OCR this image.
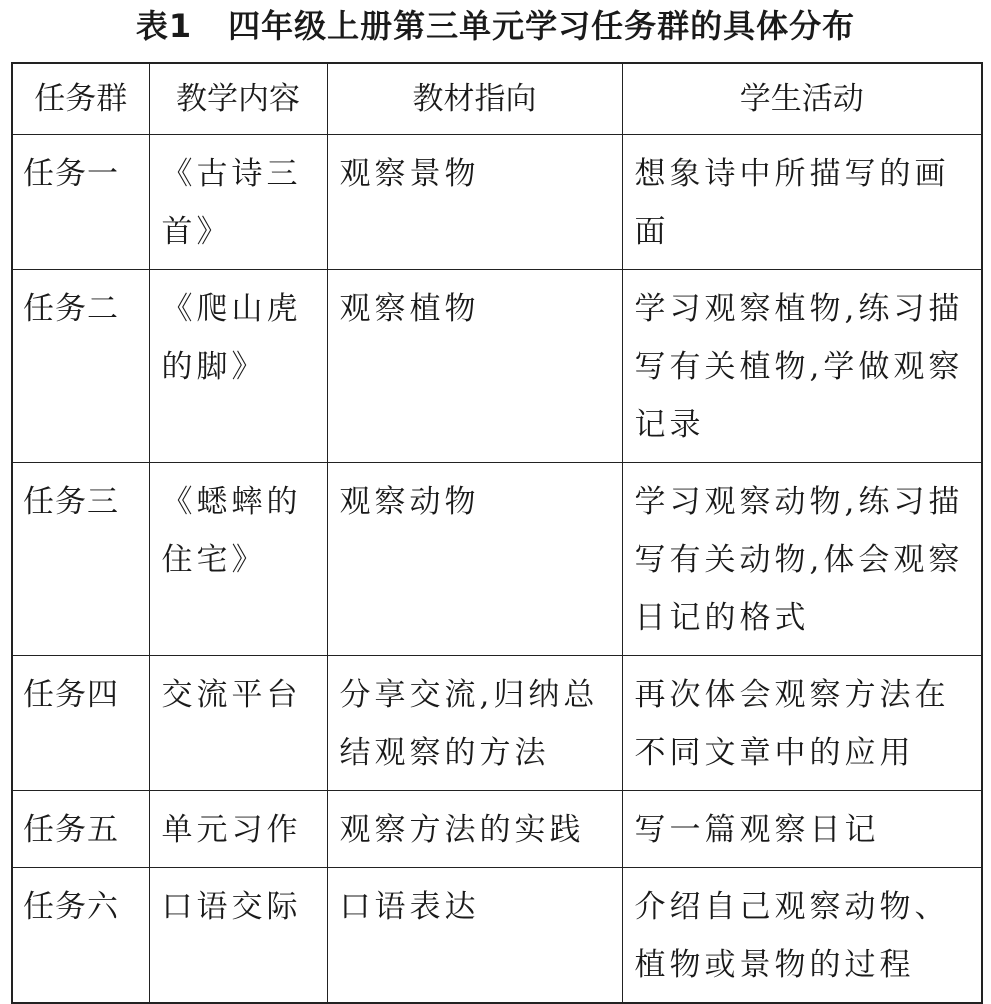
表1 四年级上册第三单元学习任务群的具体分布
任务群	教学内容	教材指向	学生活动
任务一	《古诗三首》	观察景物	想象诗中所描写的画面
任务二	《爬山虎的脚》	观察植物	学习观察植物,练习描写有关植物,学做观察记录
任务三	《蟋蟀的住宅》	观察动物	学习观察动物,练习描写有关动物,体会观察日记的格式
任务四	交流平台	分享交流,归纳总结观察的方法	再次体会观察方法在不同文章中的应用
任务五	单元习作	观察方法的实践	写一篇观察日记
任务六	口语交际	口语表达	介绍自己观察动物、植物或景物的过程
